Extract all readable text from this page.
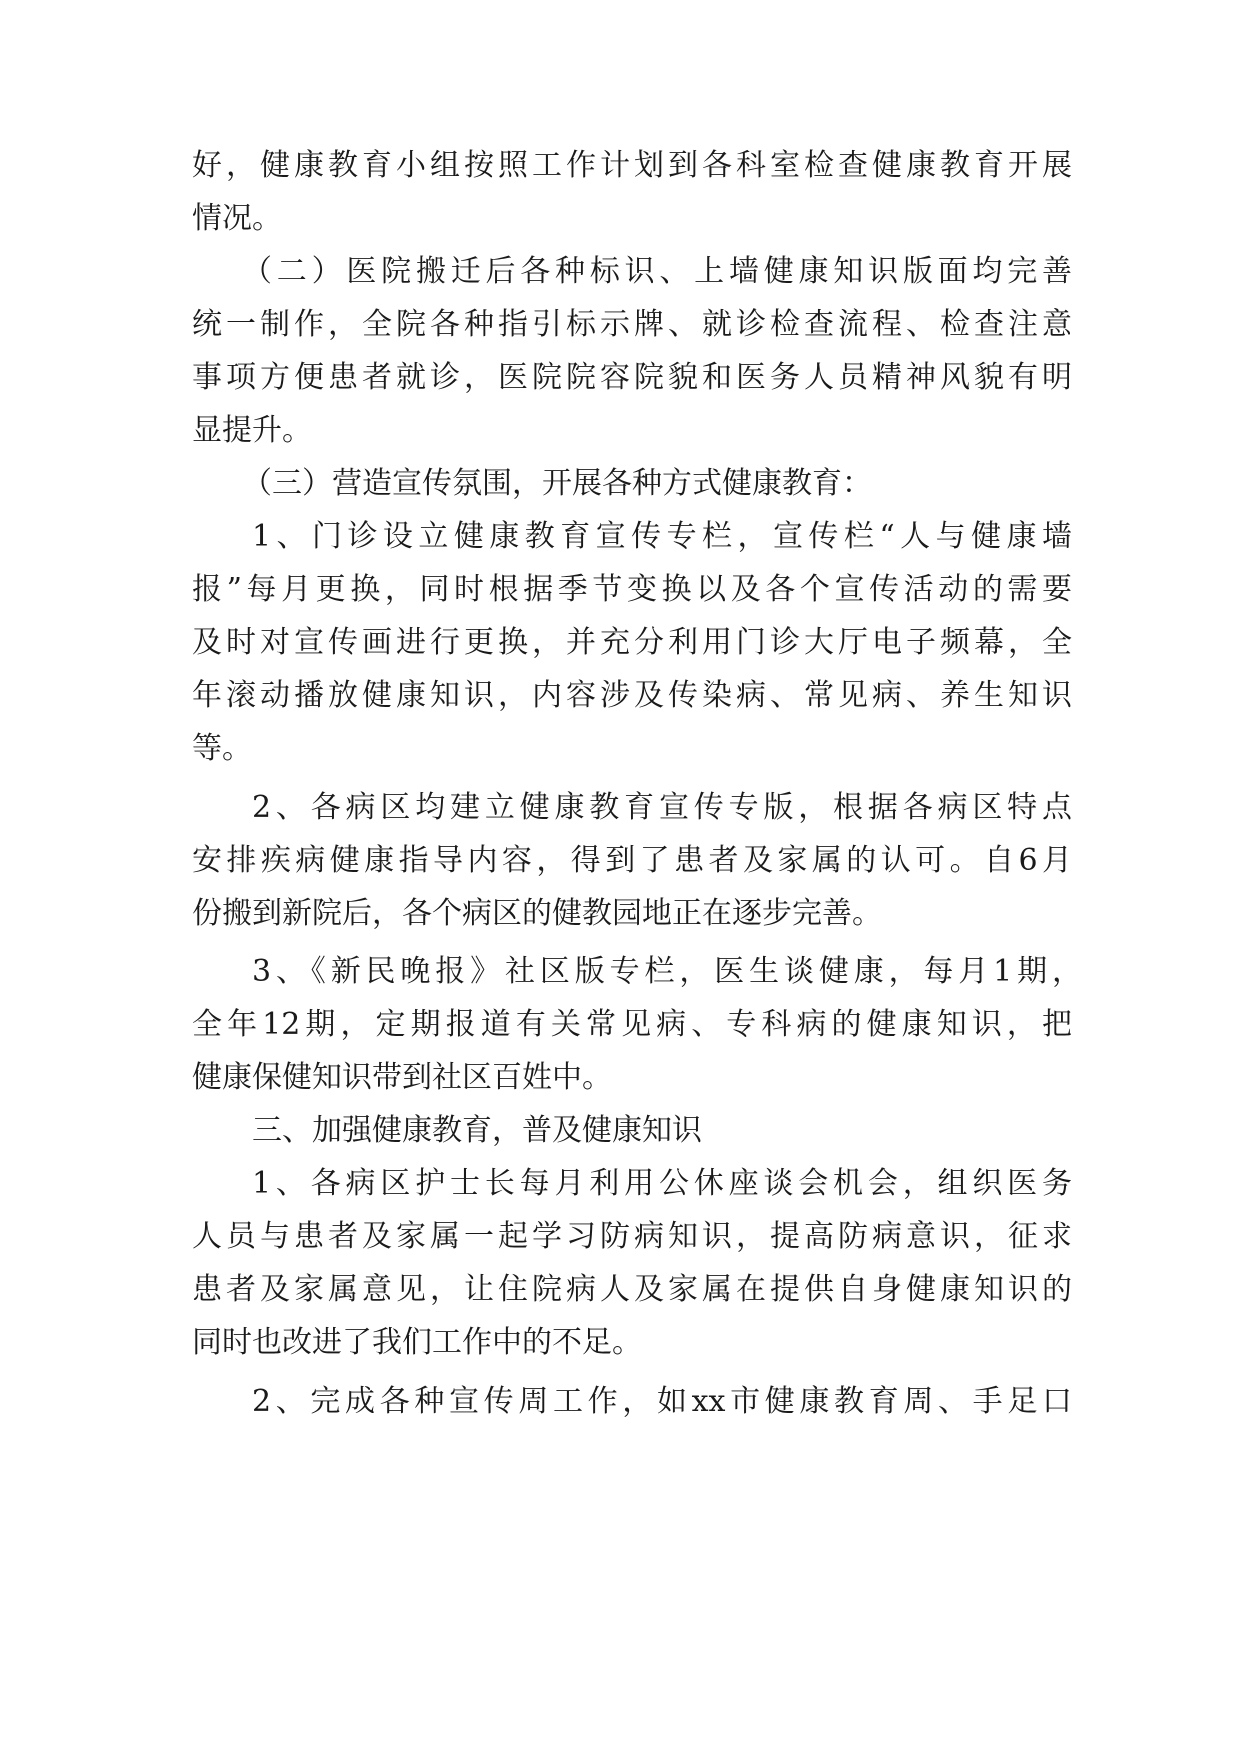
好，健康教育小组按照工作计划到各科室检查健康教育开展
情况。
（二）医院搬迁后各种标识、上墙健康知识版面均完善
统一制作，全院各种指引标示牌、就诊检查流程、检查注意
事项方便患者就诊，医院院容院貌和医务人员精神风貌有明
显提升。
（三）营造宣传氛围，开展各种方式健康教育：
1、门诊设立健康教育宣传专栏，宣传栏“人与健康墙
报”每月更换，同时根据季节变换以及各个宣传活动的需要
及时对宣传画进行更换，并充分利用门诊大厅电子频幕，全
年滚动播放健康知识，内容涉及传染病、常见病、养生知识
等。
2、各病区均建立健康教育宣传专版，根据各病区特点
安排疾病健康指导内容，得到了患者及家属的认可。自6月
份搬到新院后，各个病区的健教园地正在逐步完善。
3、《新民晚报》社区版专栏，医生谈健康，每月1期，
全年12期，定期报道有关常见病、专科病的健康知识，把
健康保健知识带到社区百姓中。
三、加强健康教育，普及健康知识
1、各病区护士长每月利用公休座谈会机会，组织医务
人员与患者及家属一起学习防病知识，提高防病意识，征求
患者及家属意见，让住院病人及家属在提供自身健康知识的
同时也改进了我们工作中的不足。
2、完成各种宣传周工作，如xx市健康教育周、手足口
